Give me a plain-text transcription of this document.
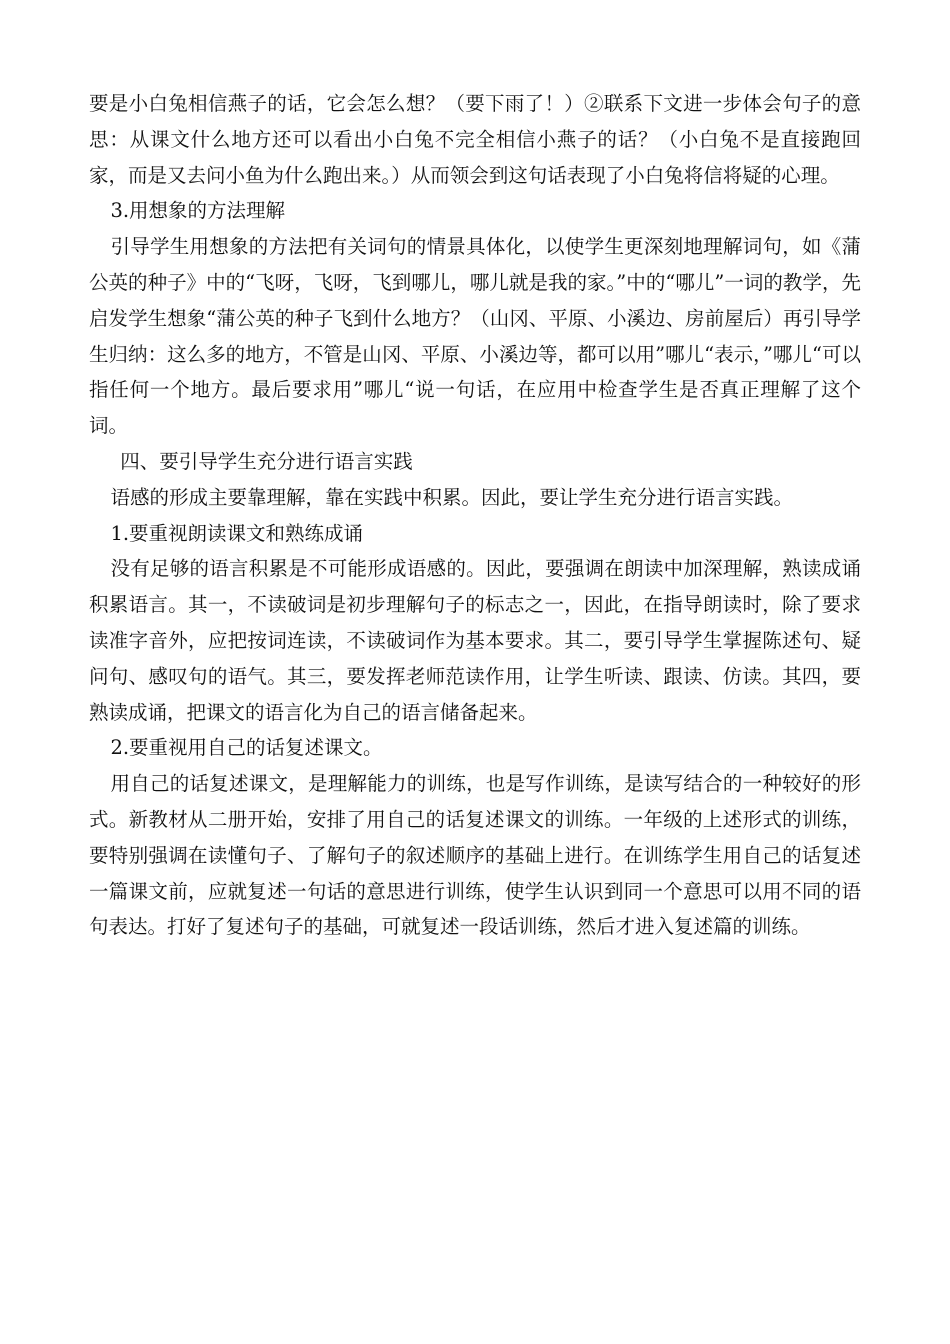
要是小白兔相信燕子的话，它会怎么想？（要下雨了！）②联系下文进一步体会句子的意思：从课文什么地方还可以看出小白兔不完全相信小燕子的话？（小白兔不是直接跑回家，而是又去问小鱼为什么跑出来。）从而领会到这句话表现了小白兔将信将疑的心理。

3.用想象的方法理解

引导学生用想象的方法把有关词句的情景具体化，以使学生更深刻地理解词句，如《蒲公英的种子》中的“飞呀，飞呀，飞到哪儿，哪儿就是我的家。”中的“哪儿”一词的教学，先启发学生想象“蒲公英的种子飞到什么地方？（山冈、平原、小溪边、房前屋后）再引导学生归纳：这么多的地方，不管是山冈、平原、小溪边等，都可以用”哪儿“表示，”哪儿“可以指任何一个地方。最后要求用”哪儿“说一句话，在应用中检查学生是否真正理解了这个词。

四、要引导学生充分进行语言实践

语感的形成主要靠理解，靠在实践中积累。因此，要让学生充分进行语言实践。

1.要重视朗读课文和熟练成诵

没有足够的语言积累是不可能形成语感的。因此，要强调在朗读中加深理解，熟读成诵积累语言。其一，不读破词是初步理解句子的标志之一，因此，在指导朗读时，除了要求读准字音外，应把按词连读，不读破词作为基本要求。其二，要引导学生掌握陈述句、疑问句、感叹句的语气。其三，要发挥老师范读作用，让学生听读、跟读、仿读。其四，要熟读成诵，把课文的语言化为自己的语言储备起来。

2.要重视用自己的话复述课文。

用自己的话复述课文，是理解能力的训练，也是写作训练，是读写结合的一种较好的形式。新教材从二册开始，安排了用自己的话复述课文的训练。一年级的上述形式的训练，要特别强调在读懂句子、了解句子的叙述顺序的基础上进行。在训练学生用自己的话复述一篇课文前，应就复述一句话的意思进行训练，使学生认识到同一个意思可以用不同的语句表达。打好了复述句子的基础，可就复述一段话训练，然后才进入复述篇的训练。
